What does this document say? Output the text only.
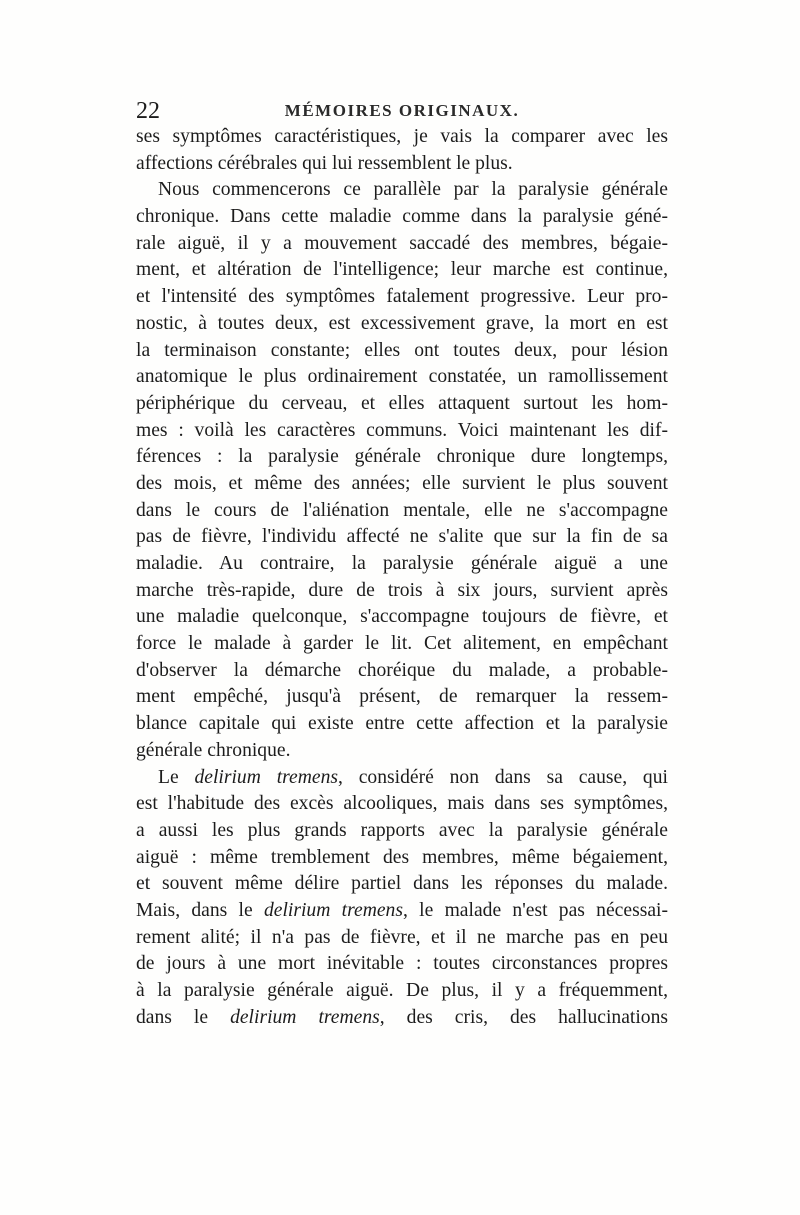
22	MÉMOIRES ORIGINAUX.
ses symptômes caractéristiques, je vais la comparer avec les
affections cérébrales qui lui ressemblent le plus.
Nous commencerons ce parallèle par la paralysie générale
chronique. Dans cette maladie comme dans la paralysie géné-
rale aiguë, il y a mouvement saccadé des membres, bégaie-
ment, et altération de l'intelligence; leur marche est continue,
et l'intensité des symptômes fatalement progressive. Leur pro-
nostic, à toutes deux, est excessivement grave, la mort en est
la terminaison constante; elles ont toutes deux, pour lésion
anatomique le plus ordinairement constatée, un ramollissement
périphérique du cerveau, et elles attaquent surtout les hom-
mes : voilà les caractères communs. Voici maintenant les dif-
férences : la paralysie générale chronique dure longtemps,
des mois, et même des années; elle survient le plus souvent
dans le cours de l'aliénation mentale, elle ne s'accompagne
pas de fièvre, l'individu affecté ne s'alite que sur la fin de sa
maladie. Au contraire, la paralysie générale aiguë a une
marche très-rapide, dure de trois à six jours, survient après
une maladie quelconque, s'accompagne toujours de fièvre, et
force le malade à garder le lit. Cet alitement, en empêchant
d'observer la démarche choréique du malade, a probable-
ment empêché, jusqu'à présent, de remarquer la ressem-
blance capitale qui existe entre cette affection et la paralysie
générale chronique.
Le delirium tremens, considéré non dans sa cause, qui
est l'habitude des excès alcooliques, mais dans ses symptômes,
a aussi les plus grands rapports avec la paralysie générale
aiguë : même tremblement des membres, même bégaiement,
et souvent même délire partiel dans les réponses du malade.
Mais, dans le delirium tremens, le malade n'est pas nécessai-
rement alité; il n'a pas de fièvre, et il ne marche pas en peu
de jours à une mort inévitable : toutes circonstances propres
à la paralysie générale aiguë. De plus, il y a fréquemment,
dans le delirium tremens, des cris, des hallucinations
